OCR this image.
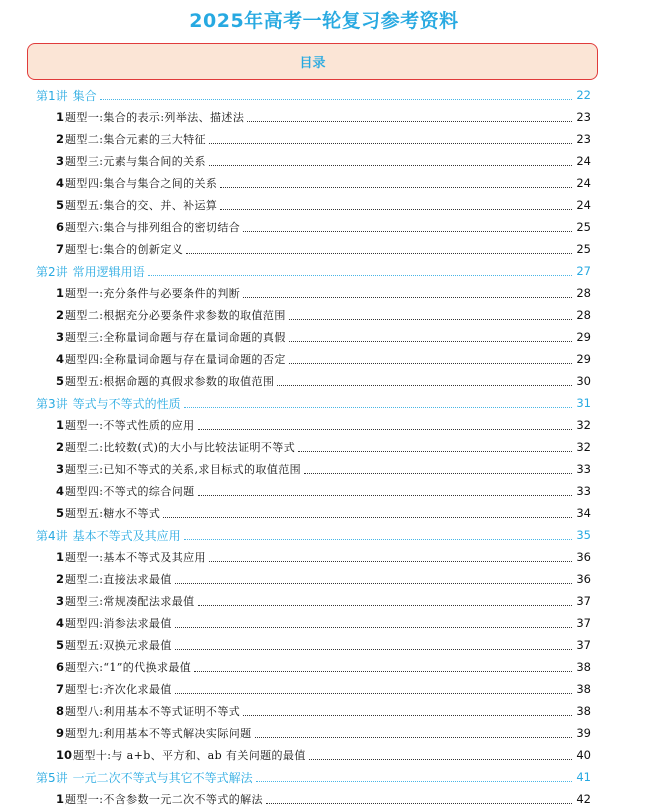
2025年高考一轮复习参考资料
目录
第1讲 集合	22
1题型一:集合的表示:列举法、描述法	23
2题型二:集合元素的三大特征	23
3题型三:元素与集合间的关系	24
4题型四:集合与集合之间的关系	24
5题型五:集合的交、并、补运算	24
6题型六:集合与排列组合的密切结合	25
7题型七:集合的创新定义	25
第2讲 常用逻辑用语	27
1题型一:充分条件与必要条件的判断	28
2题型二:根据充分必要条件求参数的取值范围	28
3题型三:全称量词命题与存在量词命题的真假	29
4题型四:全称量词命题与存在量词命题的否定	29
5题型五:根据命题的真假求参数的取值范围	30
第3讲 等式与不等式的性质	31
1题型一:不等式性质的应用	32
2题型二:比较数(式)的大小与比较法证明不等式	32
3题型三:已知不等式的关系,求目标式的取值范围	33
4题型四:不等式的综合问题	33
5题型五:糖水不等式	34
第4讲 基本不等式及其应用	35
1题型一:基本不等式及其应用	36
2题型二:直接法求最值	36
3题型三:常规凑配法求最值	37
4题型四:消参法求最值	37
5题型五:双换元求最值	37
6题型六:“1”的代换求最值	38
7题型七:齐次化求最值	38
8题型八:利用基本不等式证明不等式	38
9题型九:利用基本不等式解决实际问题	39
10题型十:与 a+b、平方和、ab 有关问题的最值	40
第5讲 一元二次不等式与其它不等式解法	41
1题型一:不含参数一元二次不等式的解法	42
